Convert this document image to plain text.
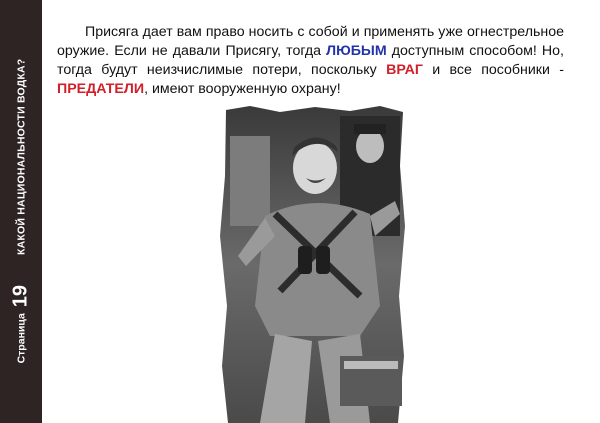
Страница
19
КАКОЙ НАЦИОНАЛЬНОСТИ ВОДКА?
Присяга дает вам право носить с собой и применять уже огнестрельное оружие. Если не давали Присягу, тогда ЛЮБЫМ доступным способом! Но, тогда будут неизчислимые потери, поскольку ВРАГ и все пособники - ПРЕДАТЕЛИ, имеют вооруженную охрану!
